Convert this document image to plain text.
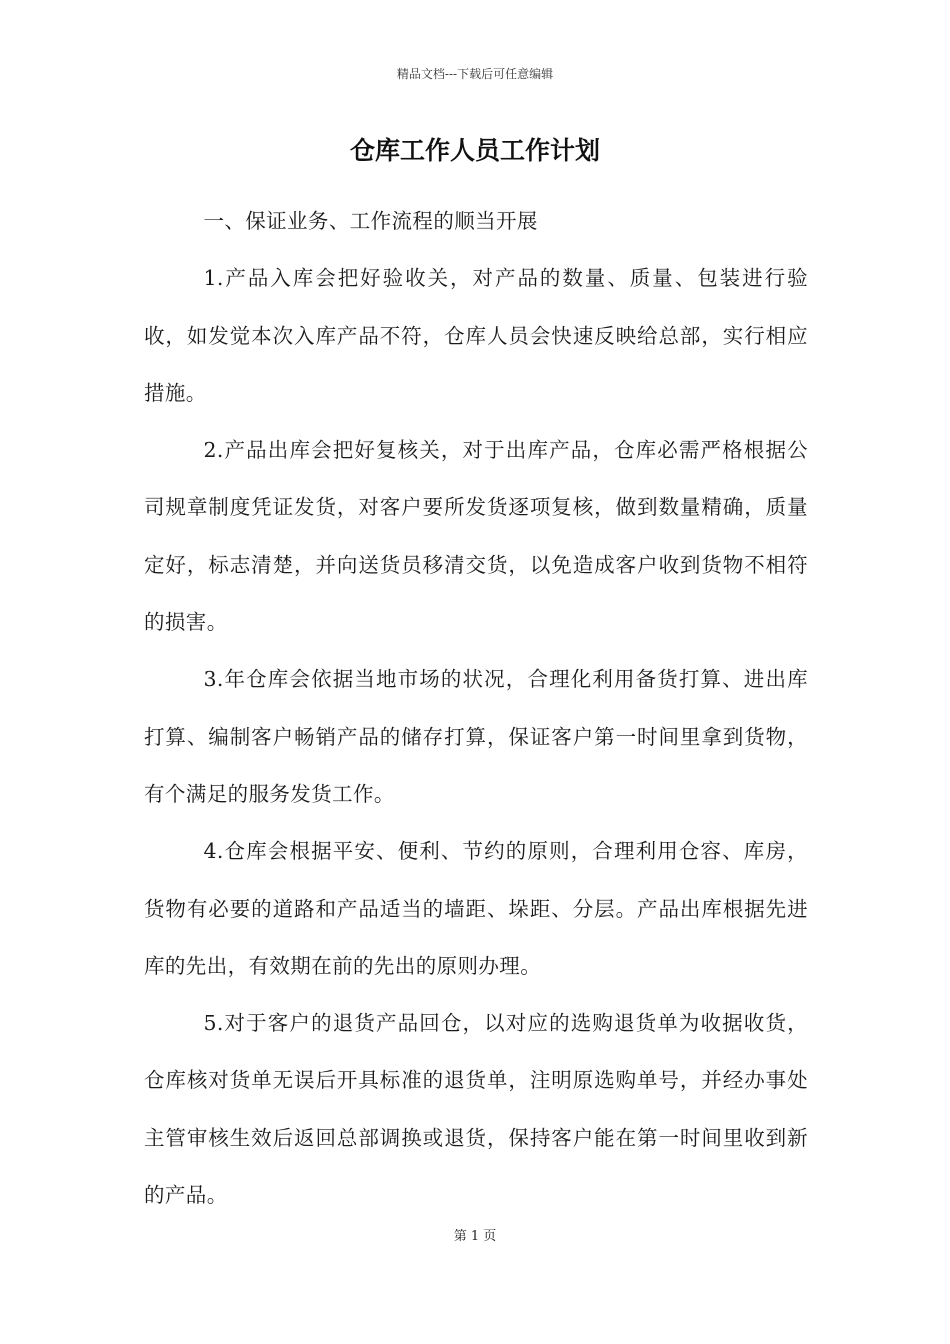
精品文档---下载后可任意编辑
仓库工作人员工作计划

一、保证业务、工作流程的顺当开展

1.产品入库会把好验收关，对产品的数量、质量、包装进行验收，如发觉本次入库产品不符，仓库人员会快速反映给总部，实行相应措施。

2.产品出库会把好复核关，对于出库产品，仓库必需严格根据公司规章制度凭证发货，对客户要所发货逐项复核，做到数量精确，质量定好，标志清楚，并向送货员移清交货，以免造成客户收到货物不相符的损害。

3.年仓库会依据当地市场的状况，合理化利用备货打算、进出库打算、编制客户畅销产品的储存打算，保证客户第一时间里拿到货物，有个满足的服务发货工作。

4.仓库会根据平安、便利、节约的原则，合理利用仓容、库房，货物有必要的道路和产品适当的墙距、垛距、分层。产品出库根据先进库的先出，有效期在前的先出的原则办理。

5.对于客户的退货产品回仓，以对应的选购退货单为收据收货，仓库核对货单无误后开具标准的退货单，注明原选购单号，并经办事处主管审核生效后返回总部调换或退货，保持客户能在第一时间里收到新的产品。

第 1 页
